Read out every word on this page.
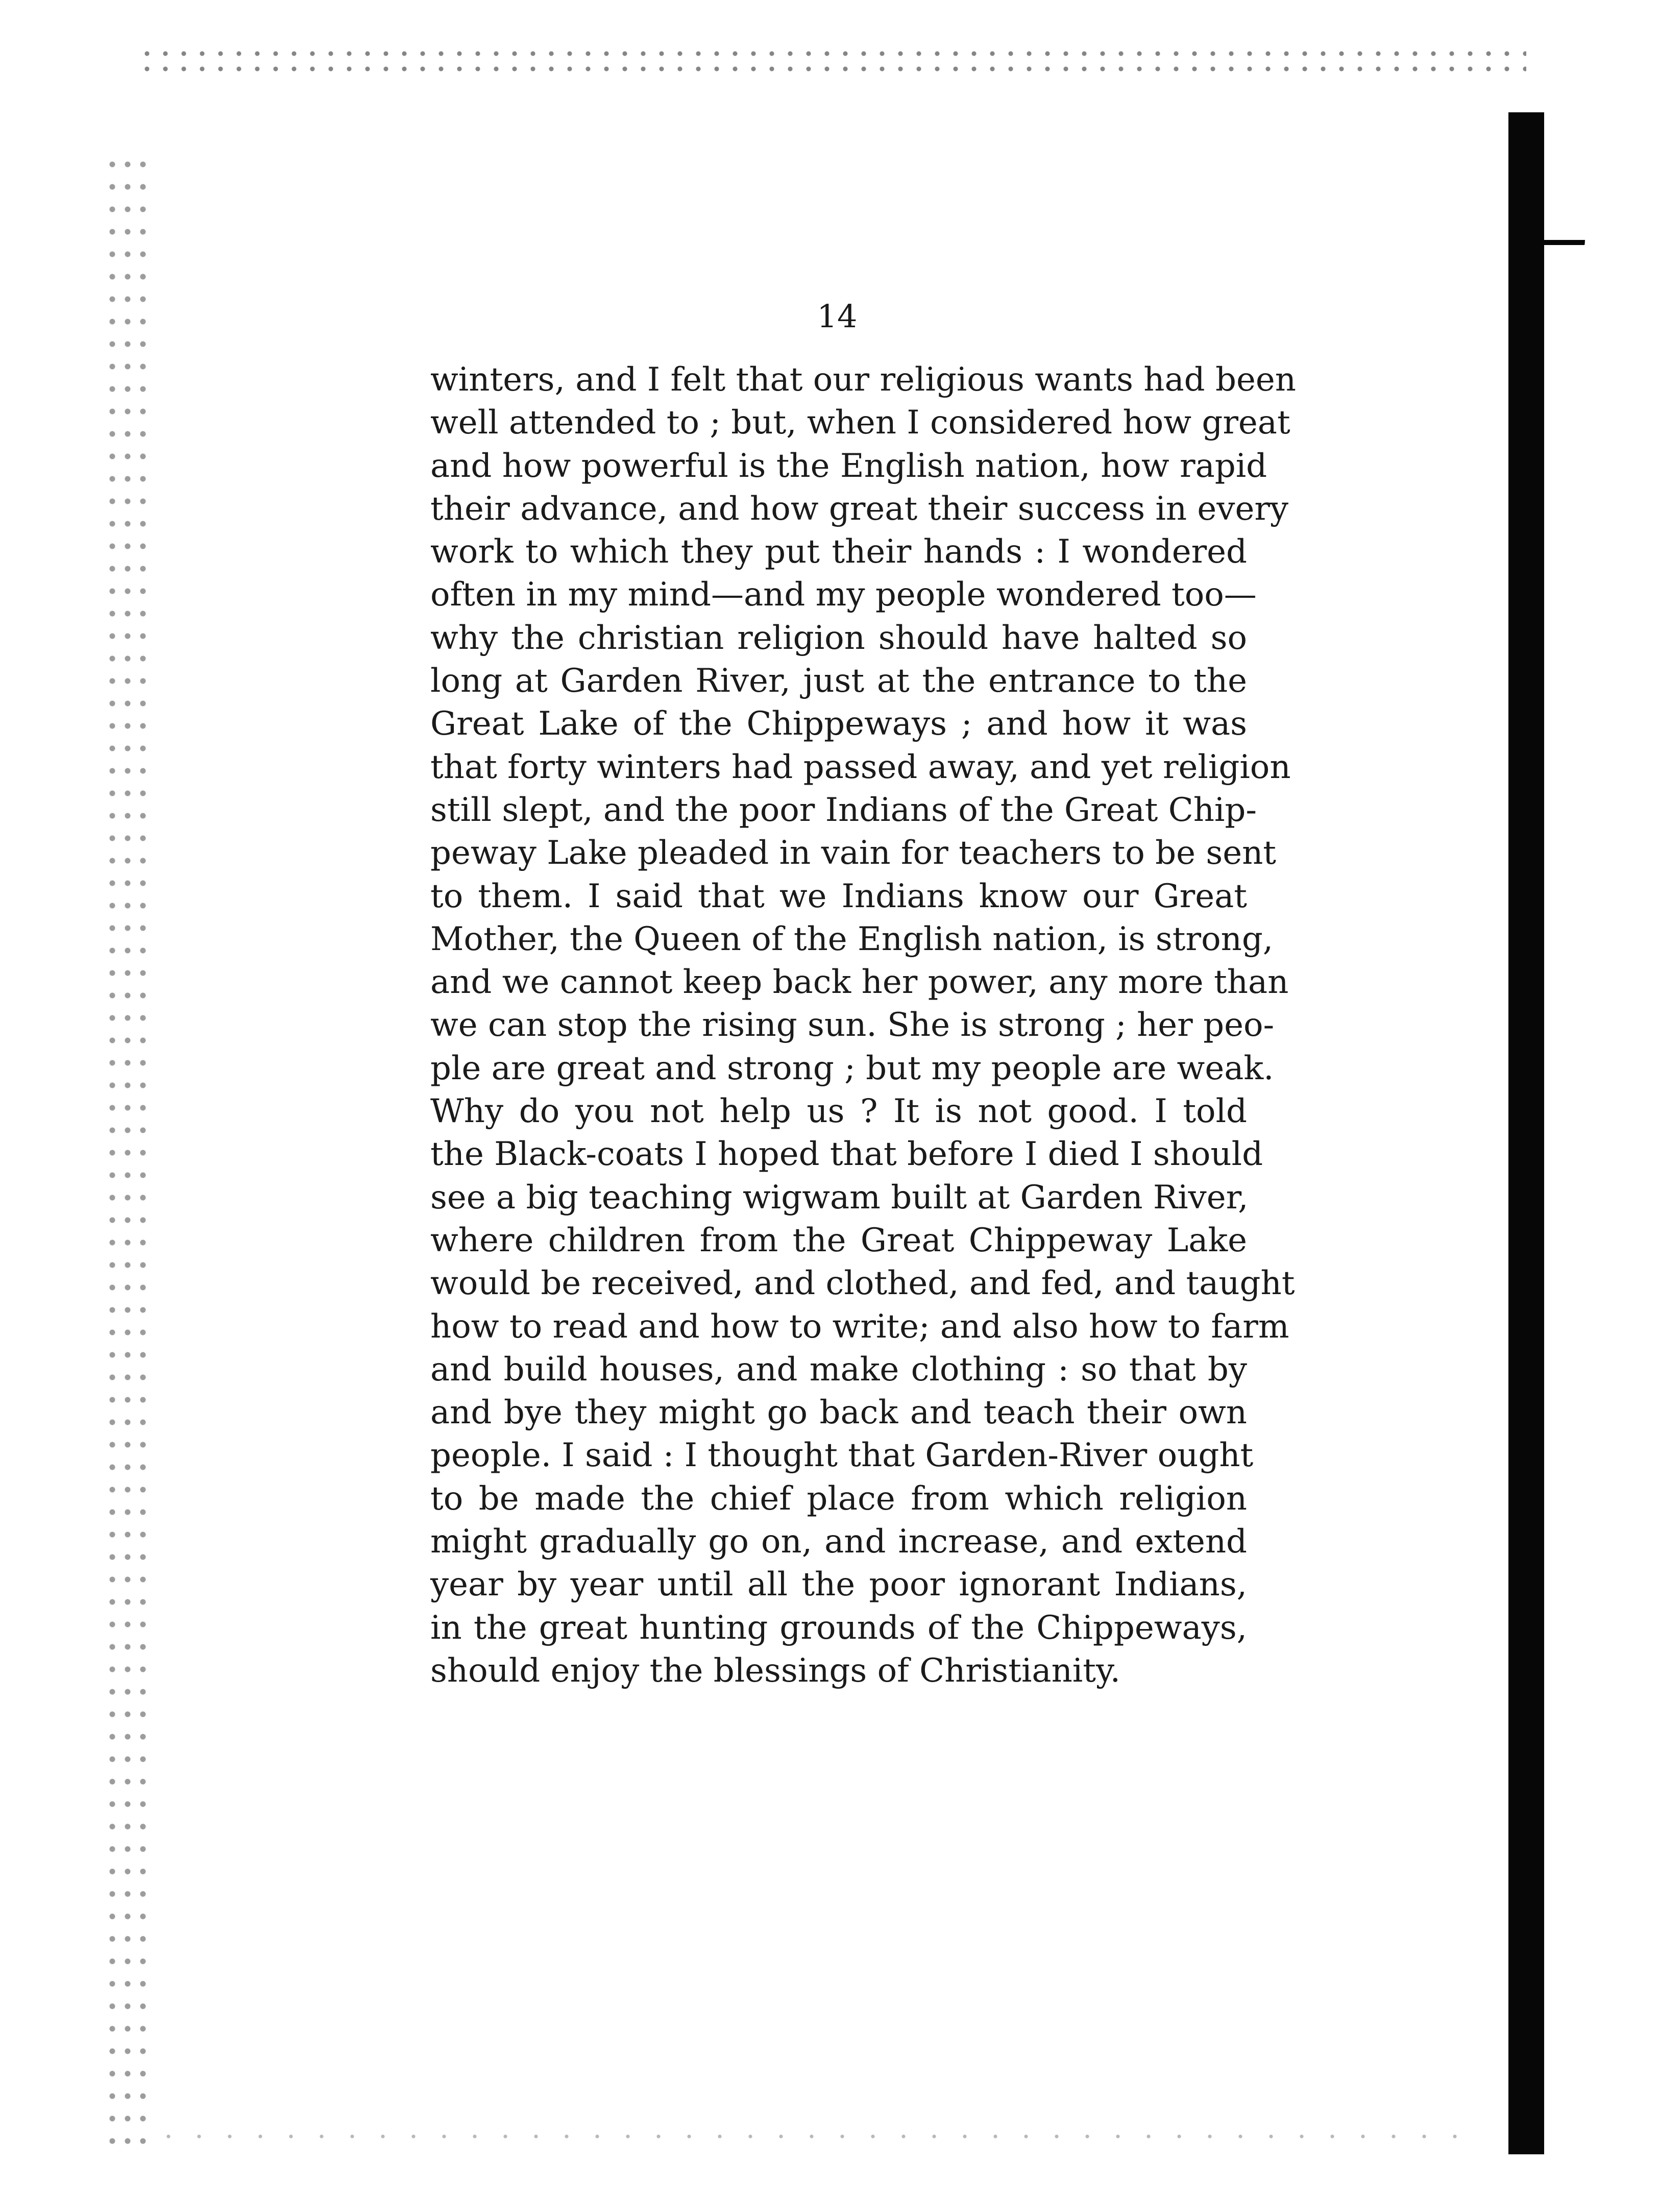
14
winters, and I felt that our religious wants had been
well attended to ; but, when I considered how great
and how powerful is the English nation, how rapid
their advance, and how great their success in every
work to which they put their hands : I wondered
often in my mind—and my people wondered too—
why the christian religion should have halted so
long at Garden River, just at the entrance to the
Great Lake of the Chippeways ; and how it was
that forty winters had passed away, and yet religion
still slept, and the poor Indians of the Great Chip-
peway Lake pleaded in vain for teachers to be sent
to them. I said that we Indians know our Great
Mother, the Queen of the English nation, is strong,
and we cannot keep back her power, any more than
we can stop the rising sun. She is strong ; her peo-
ple are great and strong ; but my people are weak.
Why do you not help us ? It is not good. I told
the Black-coats I hoped that before I died I should
see a big teaching wigwam built at Garden River,
where children from the Great Chippeway Lake
would be received, and clothed, and fed, and taught
how to read and how to write; and also how to farm
and build houses, and make clothing : so that by
and bye they might go back and teach their own
people. I said : I thought that Garden-River ought
to be made the chief place from which religion
might gradually go on, and increase, and extend
year by year until all the poor ignorant Indians,
in the great hunting grounds of the Chippeways,
should enjoy the blessings of Christianity.
